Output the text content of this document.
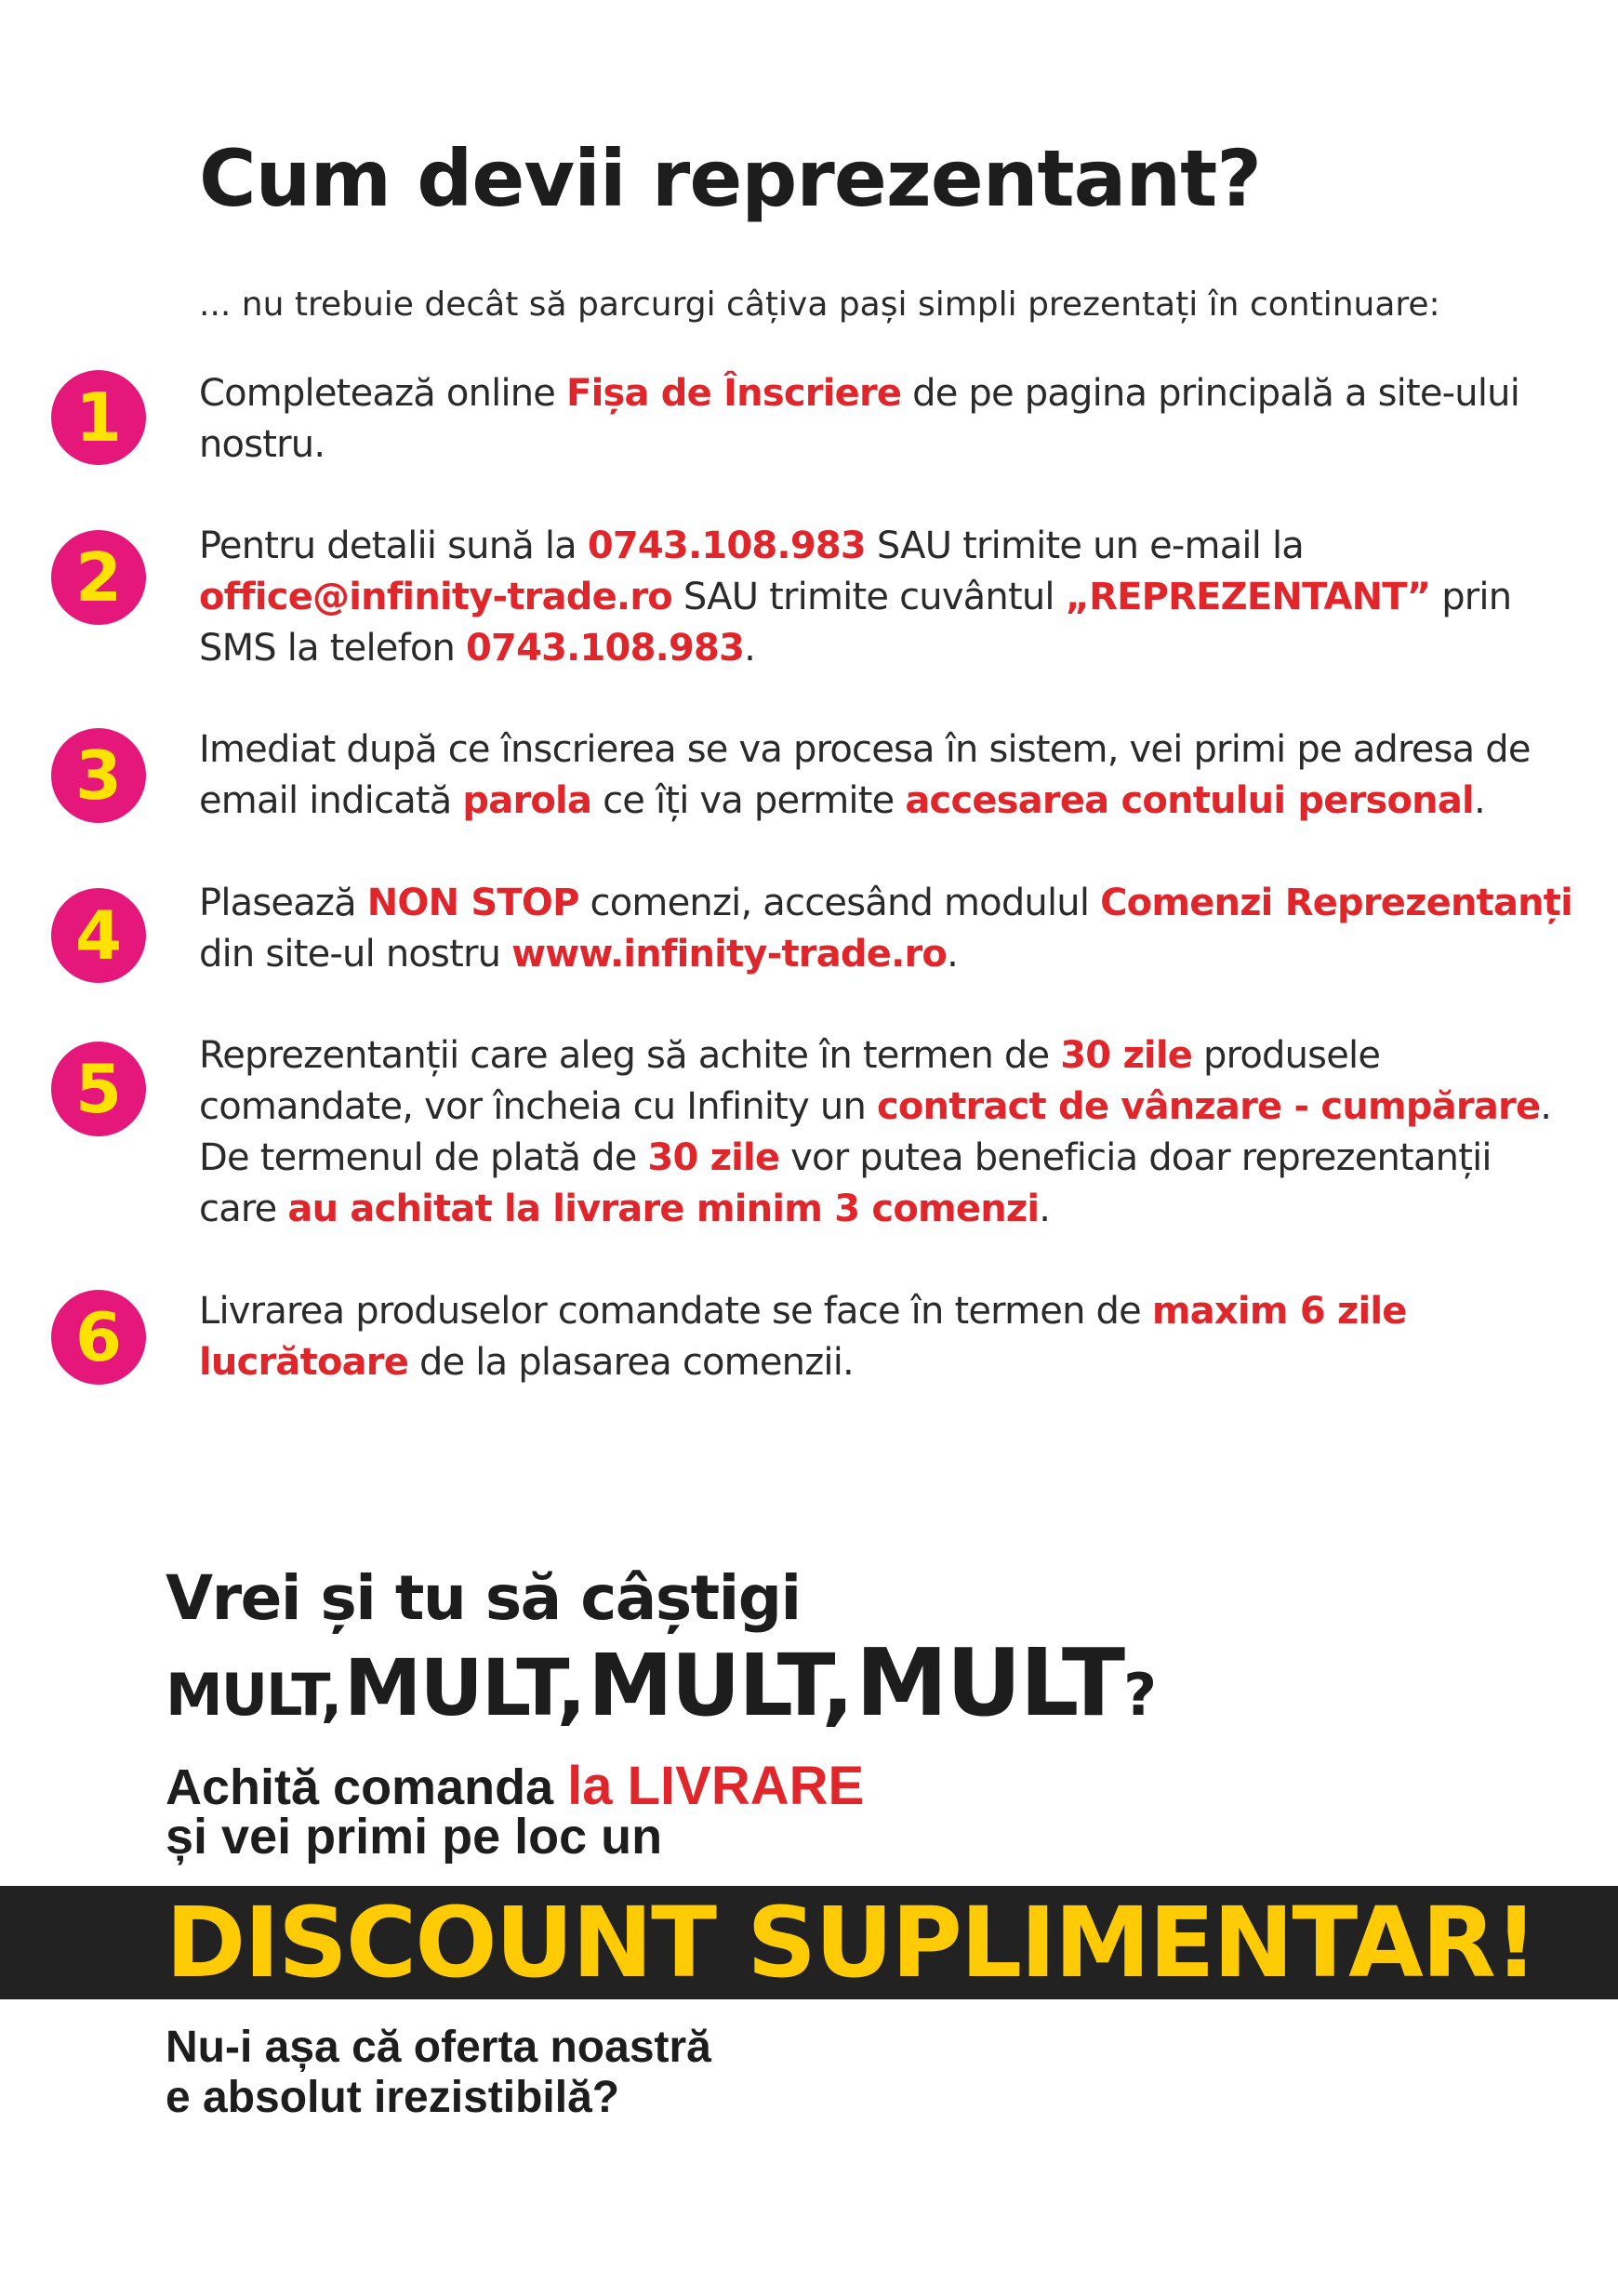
Cum devii reprezentant?
... nu trebuie decât să parcurgi câțiva pași simpli prezentați în continuare:
1	Completează online Fișa de Înscriere de pe pagina principală a site-ului nostru.
2	Pentru detalii sună la 0743.108.983 SAU trimite un e-mail la office@infinity-trade.ro SAU trimite cuvântul „REPREZENTANT” prin SMS la telefon 0743.108.983.
3	Imediat după ce înscrierea se va procesa în sistem, vei primi pe adresa de email indicată parola ce îți va permite accesarea contului personal.
4	Plasează NON STOP comenzi, accesând modulul Comenzi Reprezentanți din site-ul nostru www.infinity-trade.ro.
5	Reprezentanții care aleg să achite în termen de 30 zile produsele comandate, vor încheia cu Infinity un contract de vânzare - cumpărare. De termenul de plată de 30 zile vor putea beneficia doar reprezentanții care au achitat la livrare minim 3 comenzi.
6	Livrarea produselor comandate se face în termen de maxim 6 zile lucrătoare de la plasarea comenzii.
Vrei și tu să câștigi
MULT, MULT, MULT, MULT?
Achită comanda la LIVRARE
și vei primi pe loc un
DISCOUNT SUPLIMENTAR!
Nu-i așa că oferta noastră
e absolut irezistibilă?
